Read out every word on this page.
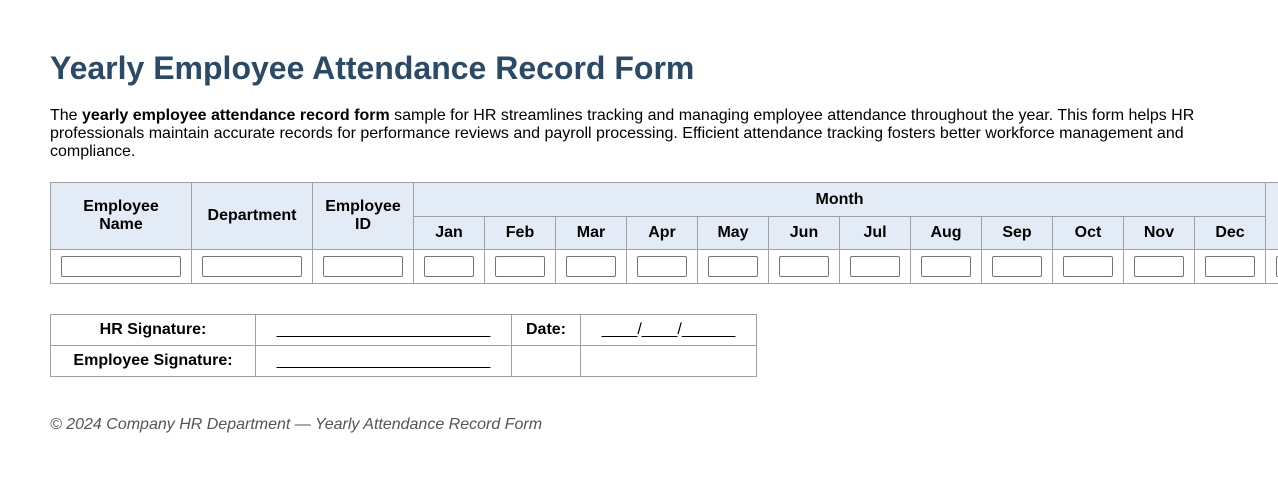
Yearly Employee Attendance Record Form

The yearly employee attendance record form sample for HR streamlines tracking and managing employee attendance throughout the year. This form helps HR professionals maintain accurate records for performance reviews and payroll processing. Efficient attendance tracking fosters better workforce management and compliance.

Employee Name	Department	Employee ID	Month												
			Jan	Feb	Mar	Apr	May	Jun	Jul	Aug	Sep	Oct	Nov	Dec	

HR Signature:	________________________	Date:	____/____/______
Employee Signature:	________________________		
© 2024 Company HR Department — Yearly Attendance Record Form
